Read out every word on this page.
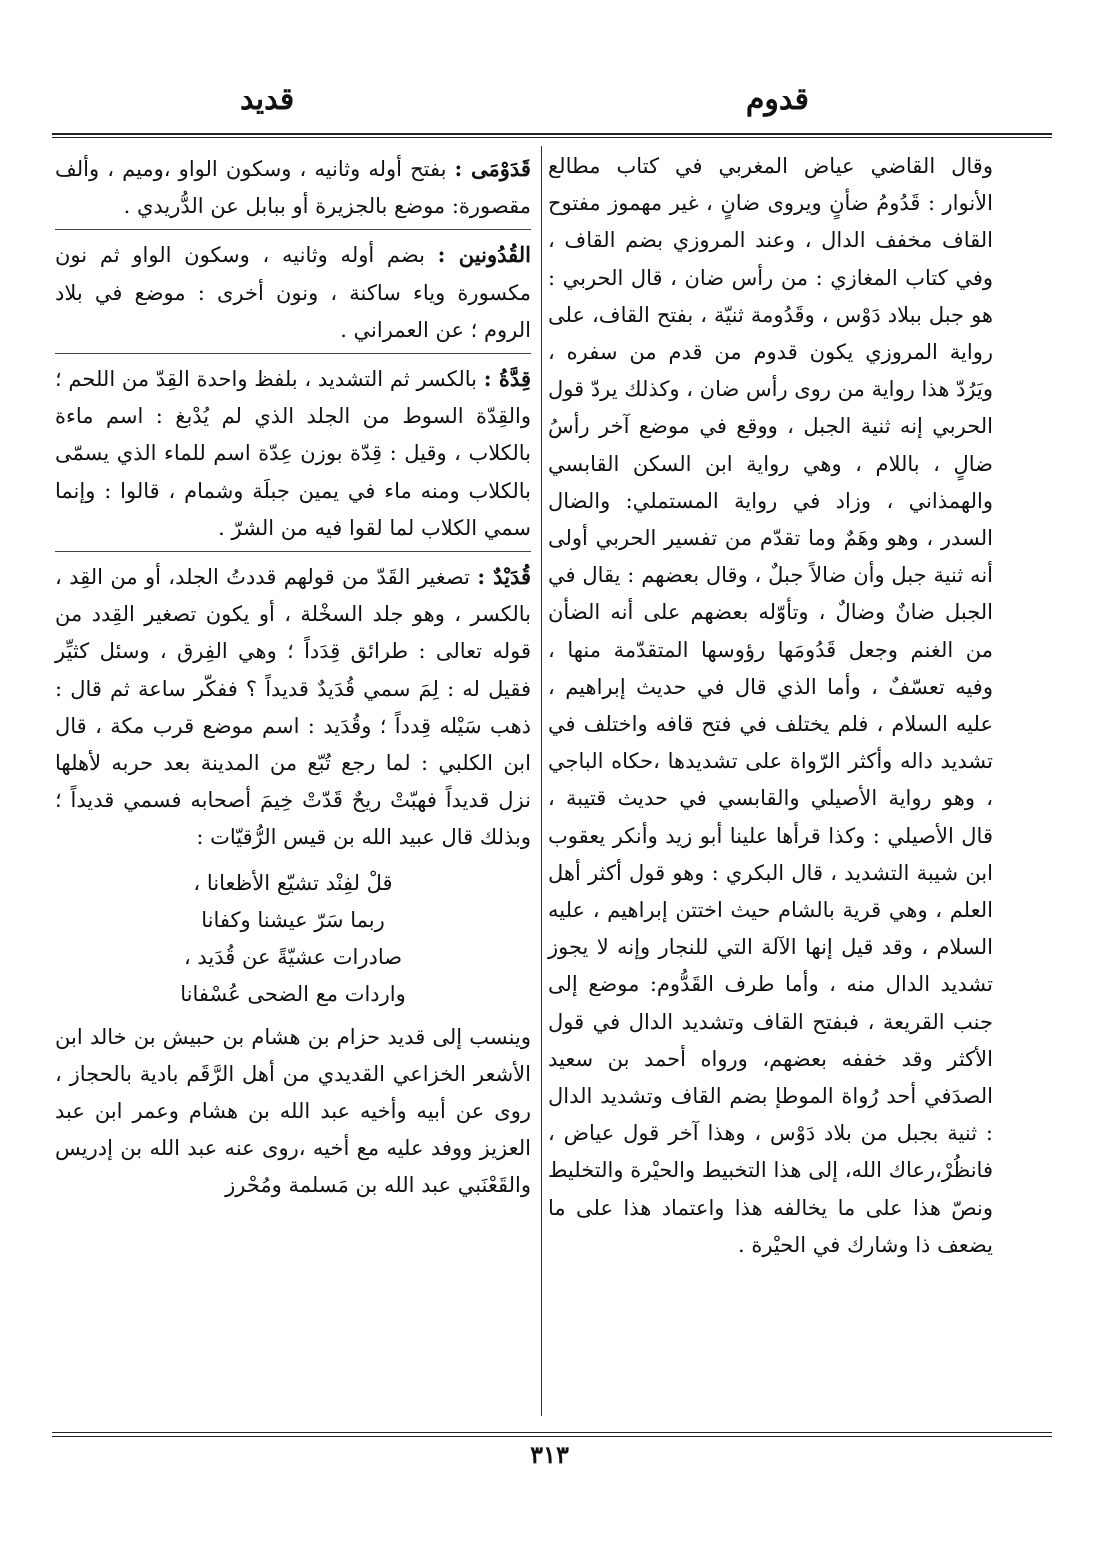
قدوم
قديد

وقال القاضي عياض المغربي في كتاب مطالع الأنوار : قَدُومُ ضأنٍ ويروى ضانٍ ، غير مهموز مفتوح القاف مخفف الدال ، وعند المروزي بضم القاف ، وفي كتاب المغازي : من رأس ضان ، قال الحربي : هو جبل ببلاد دَوْس ، وقَدُومة ثنيّة ، بفتح القاف، على رواية المروزي يكون قدوم من قدم من سفره ، ويَرُدّ هذا رواية من روى رأس ضان ، وكذلك يردّ قول الحربي إنه ثنية الجبل ، ووقع في موضع آخر رأسُ ضالٍ ، باللام ، وهي رواية ابن السكن القابسي والهمذاني ، وزاد في رواية المستملي: والضال السدر ، وهو وهَمٌ وما تقدّم من تفسير الحربي أولى أنه ثنية جبل وأن ضالاً جبلٌ ، وقال بعضهم : يقال في الجبل ضانٌ وضالٌ ، وتأوّله بعضهم على أنه الضأن من الغنم وجعل قَدُومَها رؤوسها المتقدّمة منها ، وفيه تعسّفٌ ، وأما الذي قال في حديث إبراهيم ، عليه السلام ، فلم يختلف في فتح قافه واختلف في تشديد داله وأكثر الرّواة على تشديدها ،حكاه الباجي ، وهو رواية الأصيلي والقابسي في حديث قتيبة ، قال الأصيلي : وكذا قرأها علينا أبو زيد وأنكر يعقوب ابن شيبة التشديد ، قال البكري : وهو قول أكثر أهل العلم ، وهي قرية بالشام حيث اختتن إبراهيم ، عليه السلام ، وقد قيل إنها الآلة التي للنجار وإنه لا يجوز تشديد الدال منه ، وأما طرف القَدُّوم: موضع إلى جنب القريعة ، فبفتح القاف وتشديد الدال في قول الأكثر وقد خففه بعضهم، ورواه أحمد بن سعيد الصدَفي أحد رُواة الموطإ بضم القاف وتشديد الدال : ثنية بجبل من بلاد دَوْس ، وهذا آخر قول عياض ، فانظُرْ،رعاك الله، إلى هذا التخبيط والحيْرة والتخليط ونصّ هذا على ما يخالفه هذا واعتماد هذا على ما يضعف ذا وشارك في الحيْرة .

قَدَوْمَى : بفتح أوله وثانيه ، وسكون الواو ،وميم ، وألف مقصورة: موضع بالجزيرة أو ببابل عن الدُّريدي .
القُدُونين : بضم أوله وثانيه ، وسكون الواو ثم نون مكسورة وياء ساكنة ، ونون أخرى : موضع في بلاد الروم ؛ عن العمراني .
قِدَّةُ : بالكسر ثم التشديد ، بلفظ واحدة القِدّ من اللحم ؛ والقِدّة السوط من الجلد الذي لم يُدْبغ : اسم ماءة بالكلاب ، وقيل : قِدّة بوزن عِدّة اسم للماء الذي يسمّى بالكلاب ومنه ماء في يمين جبلَة وشمام ، قالوا : وإنما سمي الكلاب لما لقوا فيه من الشرّ .
قُدَيْدٌ : تصغير القَدّ من قولهم قددتُ الجلد، أو من القِد ، بالكسر ، وهو جلد السخْلة ، أو يكون تصغير القِدد من قوله تعالى : طرائق قِدَداً ؛ وهي الفِرق ، وسئل كثيِّر فقيل له : لِمَ سمي قُدَيدٌ قديداً ؟ ففكّر ساعة ثم قال : ذهب سَيْله قِدداً ؛ وقُدَيد : اسم موضع قرب مكة ، قال ابن الكلبي : لما رجع تُبّع من المدينة بعد حربه لأهلها نزل قديداً فهبّتْ ريحٌ قَدّتْ خِيمَ أصحابه فسمي قديداً ؛ وبذلك قال عبيد الله بن قيس الرُّقيّات :
قلْ لفِنْد تشيّع الأظعانا ،
ربما سَرّ عيشنا وكفانا
صادرات عشيّةً عن قُدَيد ،
واردات مع الضحى عُسْفانا

وينسب إلى قديد حزام بن هشام بن حبيش بن خالد ابن الأشعر الخزاعي القديدي من أهل الرَّقَم بادية بالحجاز ، روى عن أبيه وأخيه عبد الله بن هشام وعمر ابن عبد العزيز ووفد عليه مع أخيه ،روى عنه عبد الله بن إدريس والقَعْنَبي عبد الله بن مَسلمة ومُحْرز

٣١٣
